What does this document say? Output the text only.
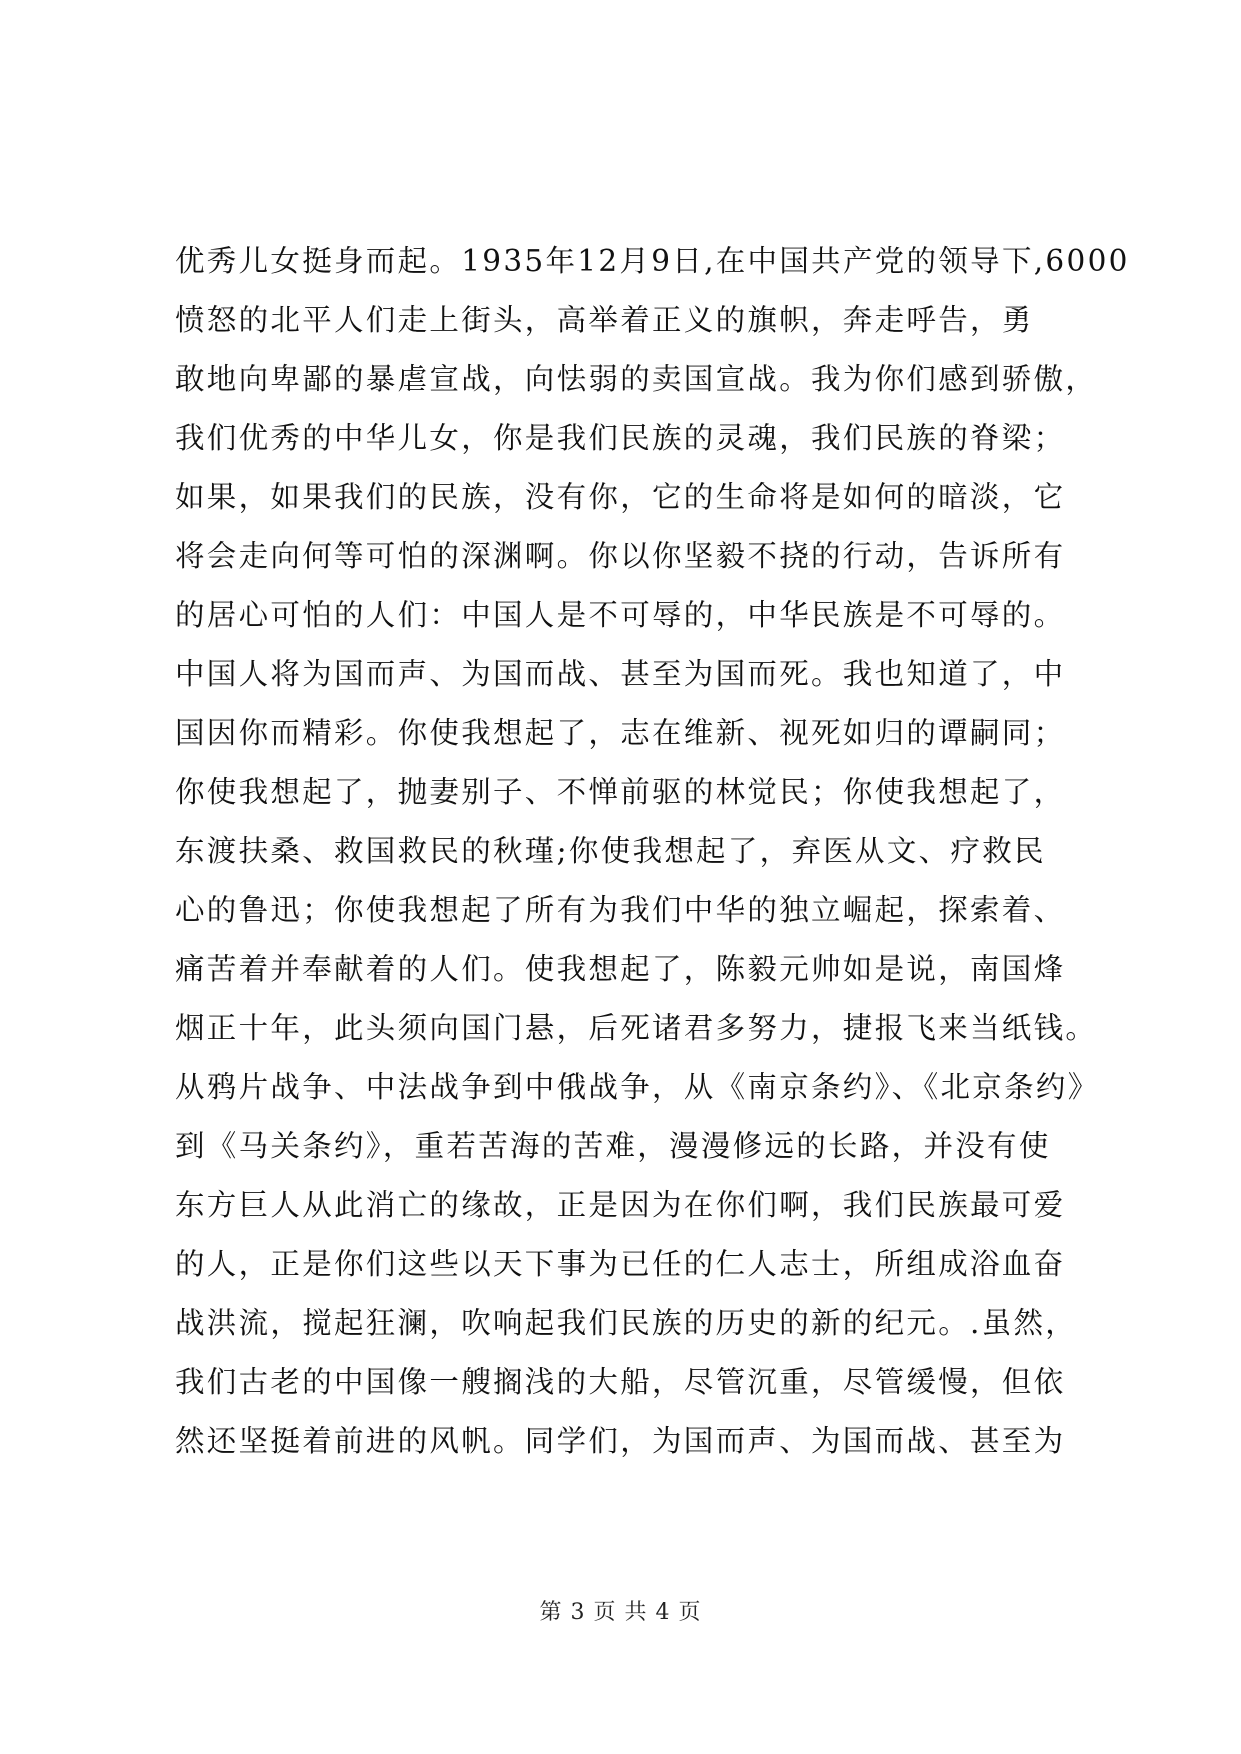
优秀儿女挺身而起。1935年12月9日,在中国共产党的领导下,6000
愤怒的北平人们走上街头，高举着正义的旗帜，奔走呼告，勇
敢地向卑鄙的暴虐宣战，向怯弱的卖国宣战。我为你们感到骄傲，
我们优秀的中华儿女，你是我们民族的灵魂，我们民族的脊梁；
如果，如果我们的民族，没有你，它的生命将是如何的暗淡，它
将会走向何等可怕的深渊啊。你以你坚毅不挠的行动，告诉所有
的居心可怕的人们：中国人是不可辱的，中华民族是不可辱的。
中国人将为国而声、为国而战、甚至为国而死。我也知道了，中
国因你而精彩。你使我想起了，志在维新、视死如归的谭嗣同；
你使我想起了，抛妻别子、不惮前驱的林觉民；你使我想起了，
东渡扶桑、救国救民的秋瑾;你使我想起了，弃医从文、疗救民
心的鲁迅；你使我想起了所有为我们中华的独立崛起，探索着、
痛苦着并奉献着的人们。使我想起了，陈毅元帅如是说，南国烽
烟正十年，此头须向国门悬，后死诸君多努力，捷报飞来当纸钱。
从鸦片战争、中法战争到中俄战争，从《南京条约》、《北京条约》
到《马关条约》，重若苦海的苦难，漫漫修远的长路，并没有使
东方巨人从此消亡的缘故，正是因为在你们啊，我们民族最可爱
的人，正是你们这些以天下事为已任的仁人志士，所组成浴血奋
战洪流，搅起狂澜，吹响起我们民族的历史的新的纪元。.虽然，
我们古老的中国像一艘搁浅的大船，尽管沉重，尽管缓慢，但依
然还坚挺着前进的风帆。同学们，为国而声、为国而战、甚至为

第 3 页 共 4 页
